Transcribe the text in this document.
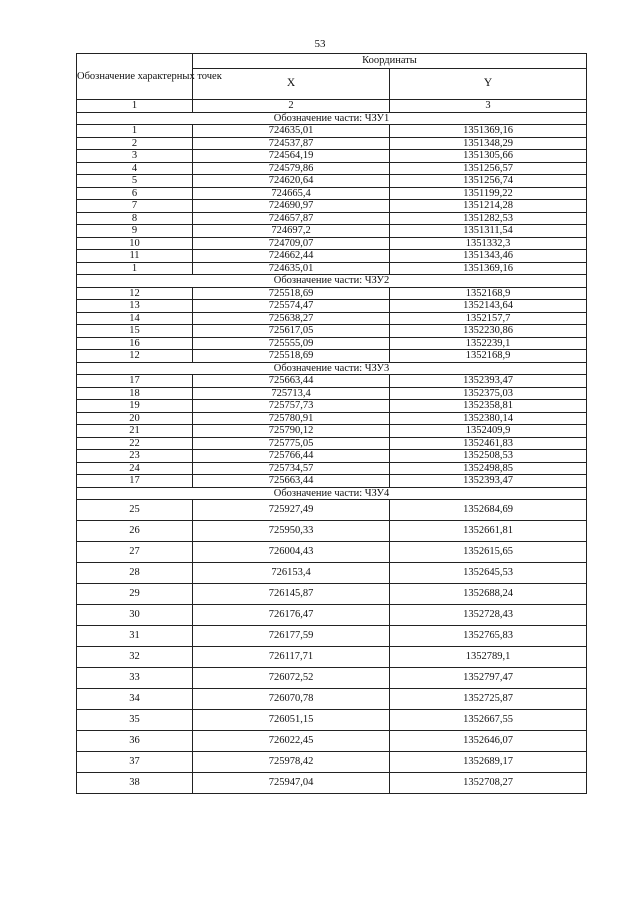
53
Обозначение характерных точек	Координаты	
	X	Y
1	2	3
Обозначение части: ЧЗУ1		
1	724635,01	1351369,16
2	724537,87	1351348,29
3	724564,19	1351305,66
4	724579,86	1351256,57
5	724620,64	1351256,74
6	724665,4	1351199,22
7	724690,97	1351214,28
8	724657,87	1351282,53
9	724697,2	1351311,54
10	724709,07	1351332,3
11	724662,44	1351343,46
1	724635,01	1351369,16
Обозначение части: ЧЗУ2		
12	725518,69	1352168,9
13	725574,47	1352143,64
14	725638,27	1352157,7
15	725617,05	1352230,86
16	725555,09	1352239,1
12	725518,69	1352168,9
Обозначение части: ЧЗУ3		
17	725663,44	1352393,47
18	725713,4	1352375,03
19	725757,73	1352358,81
20	725780,91	1352380,14
21	725790,12	1352409,9
22	725775,05	1352461,83
23	725766,44	1352508,53
24	725734,57	1352498,85
17	725663,44	1352393,47
Обозначение части: ЧЗУ4		
25	725927,49	1352684,69
26	725950,33	1352661,81
27	726004,43	1352615,65
28	726153,4	1352645,53
29	726145,87	1352688,24
30	726176,47	1352728,43
31	726177,59	1352765,83
32	726117,71	1352789,1
33	726072,52	1352797,47
34	726070,78	1352725,87
35	726051,15	1352667,55
36	726022,45	1352646,07
37	725978,42	1352689,17
38	725947,04	1352708,27
